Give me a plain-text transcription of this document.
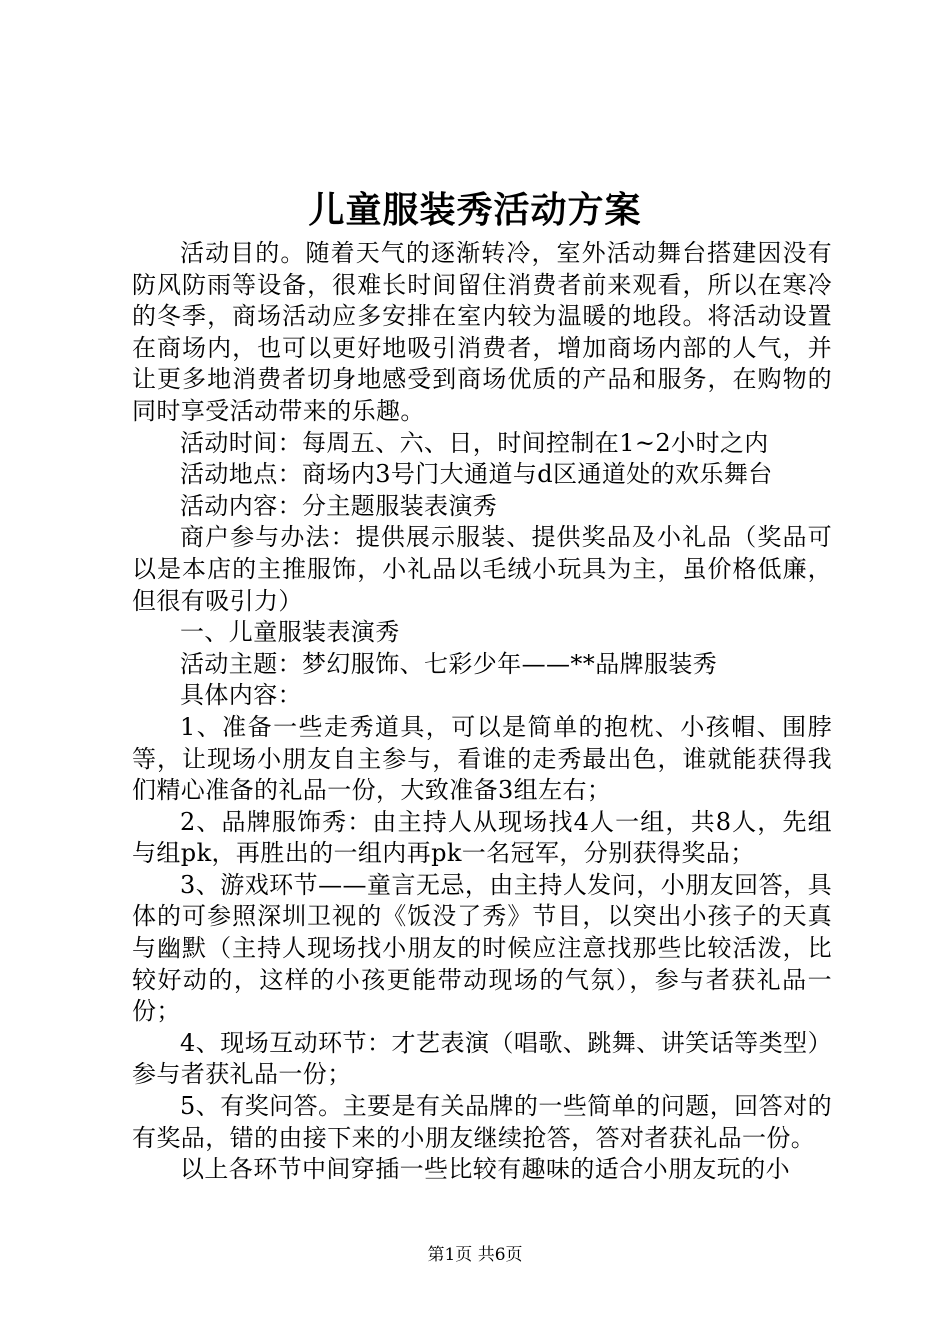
儿童服装秀活动方案

活动目的。随着天气的逐渐转冷，室外活动舞台搭建因没有防风防雨等设备，很难长时间留住消费者前来观看，所以在寒冷的冬季，商场活动应多安排在室内较为温暖的地段。将活动设置在商场内，也可以更好地吸引消费者，增加商场内部的人气，并让更多地消费者切身地感受到商场优质的产品和服务，在购物的同时享受活动带来的乐趣。

活动时间：每周五、六、日，时间控制在1~2小时之内

活动地点：商场内3号门大通道与d区通道处的欢乐舞台

活动内容：分主题服装表演秀

商户参与办法：提供展示服装、提供奖品及小礼品（奖品可以是本店的主推服饰，小礼品以毛绒小玩具为主，虽价格低廉，但很有吸引力）

一、儿童服装表演秀

活动主题：梦幻服饰、七彩少年——**品牌服装秀

具体内容：

1、准备一些走秀道具，可以是简单的抱枕、小孩帽、围脖等，让现场小朋友自主参与，看谁的走秀最出色，谁就能获得我们精心准备的礼品一份，大致准备3组左右；

2、品牌服饰秀：由主持人从现场找4人一组，共8人，先组与组pk，再胜出的一组内再pk一名冠军，分别获得奖品；

3、游戏环节——童言无忌，由主持人发问，小朋友回答，具体的可参照深圳卫视的《饭没了秀》节目，以突出小孩子的天真与幽默（主持人现场找小朋友的时候应注意找那些比较活泼，比较好动的，这样的小孩更能带动现场的气氛），参与者获礼品一份；

4、现场互动环节：才艺表演（唱歌、跳舞、讲笑话等类型）参与者获礼品一份；

5、有奖问答。主要是有关品牌的一些简单的问题，回答对的有奖品，错的由接下来的小朋友继续抢答，答对者获礼品一份。

以上各环节中间穿插一些比较有趣味的适合小朋友玩的小

第1页 共6页
